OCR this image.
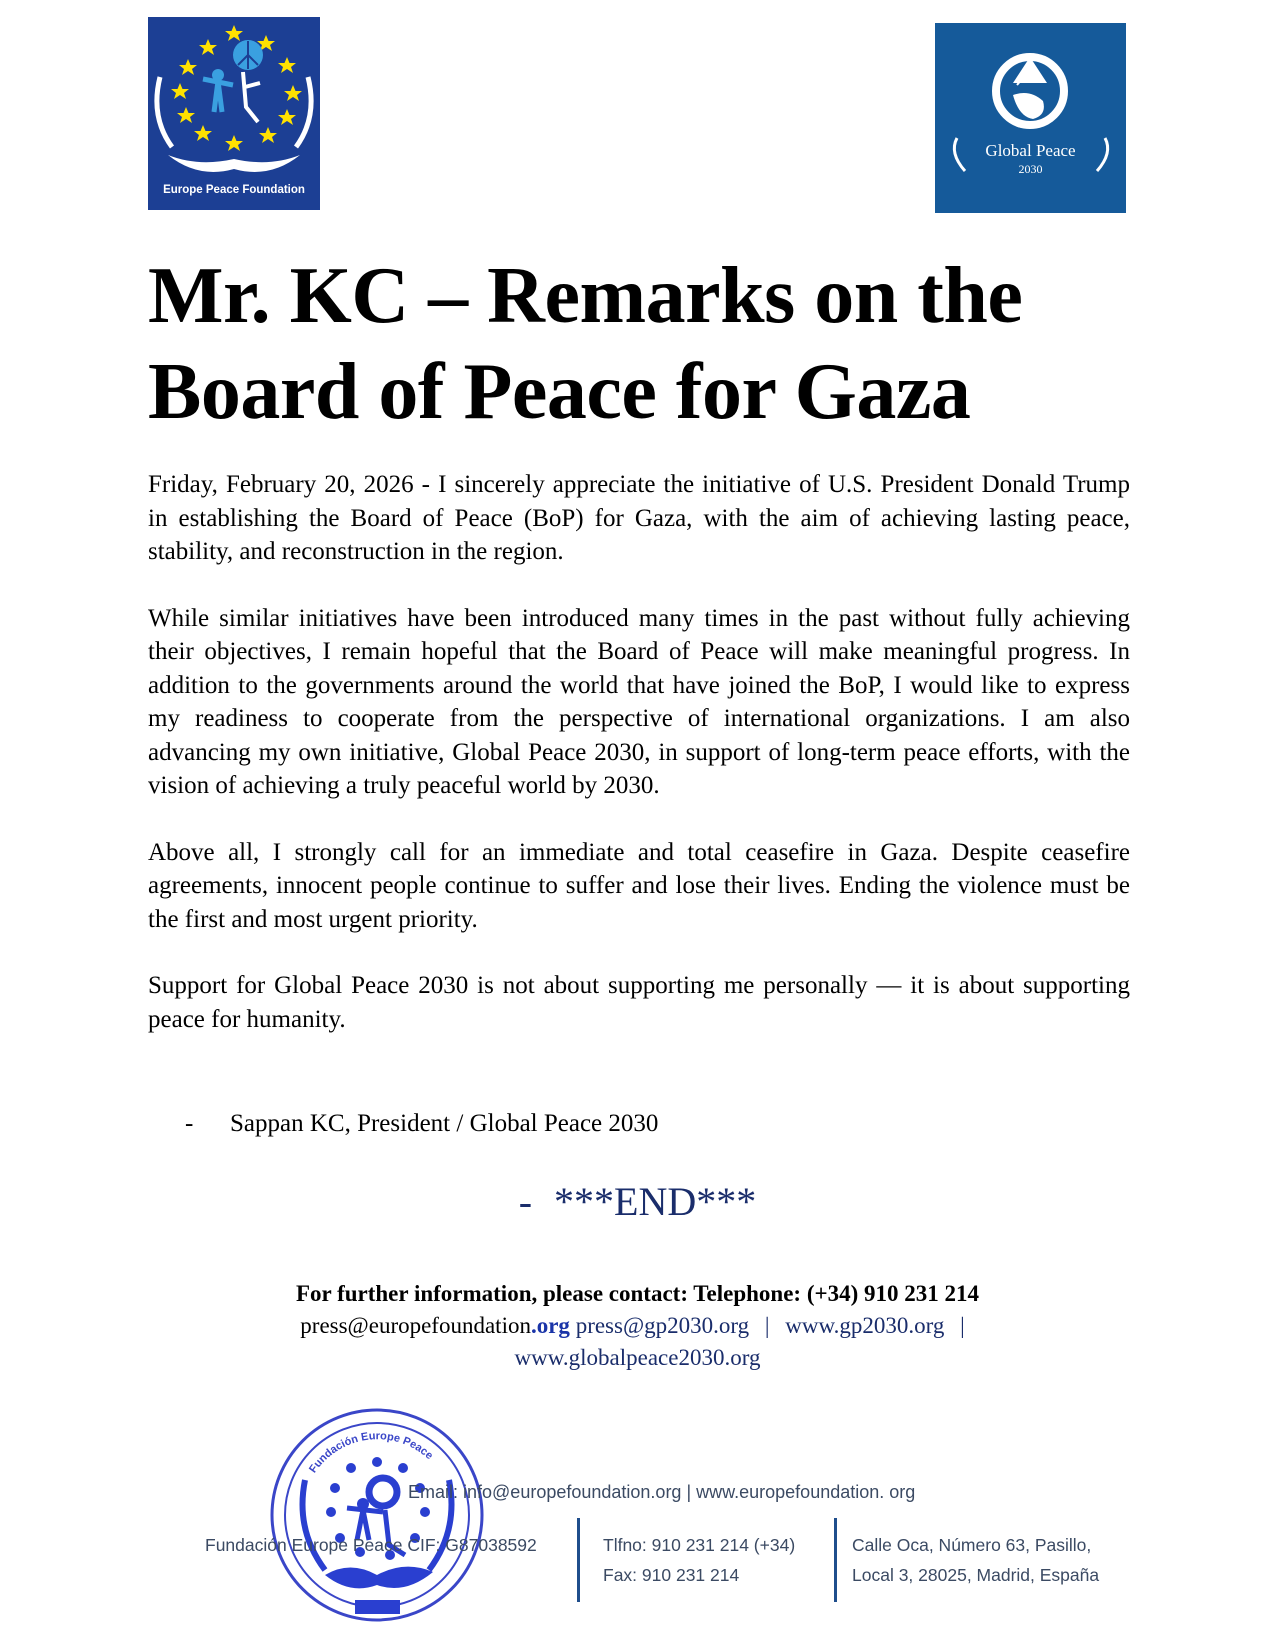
Europe Peace Foundation
Global Peace
2030
Mr. KC – Remarks on the
Board of Peace for Gaza

Friday, February 20, 2026 - I sincerely appreciate the initiative of U.S. President Donald Trump in establishing the Board of Peace (BoP) for Gaza, with the aim of achieving lasting peace, stability, and reconstruction in the region.

While similar initiatives have been introduced many times in the past without fully achieving their objectives, I remain hopeful that the Board of Peace will make meaningful progress. In addition to the governments around the world that have joined the BoP, I would like to express my readiness to cooperate from the perspective of international organizations. I am also advancing my own initiative, Global Peace 2030, in support of long-term peace efforts, with the vision of achieving a truly peaceful world by 2030.

Above all, I strongly call for an immediate and total ceasefire in Gaza. Despite ceasefire agreements, innocent people continue to suffer and lose their lives. Ending the violence must be the first and most urgent priority.

Support for Global Peace 2030 is not about supporting me personally — it is about supporting peace for humanity.

- Sappan KC, President / Global Peace 2030
- ***END***
For further information, please contact: Telephone: (+34) 910 231 214
press@europefoundation.org press@gp2030.org | www.gp2030.org |
www.globalpeace2030.org
Fundación Europe Peace
Email: info@europefoundation.org | www.europefoundation. org
Fundación Europe Peace CIF: G87038592	Tlfno: 910 231 214 (+34)
Fax: 910 231 214
Calle Oca, Número 63, Pasillo,
Local 3, 28025, Madrid, España
